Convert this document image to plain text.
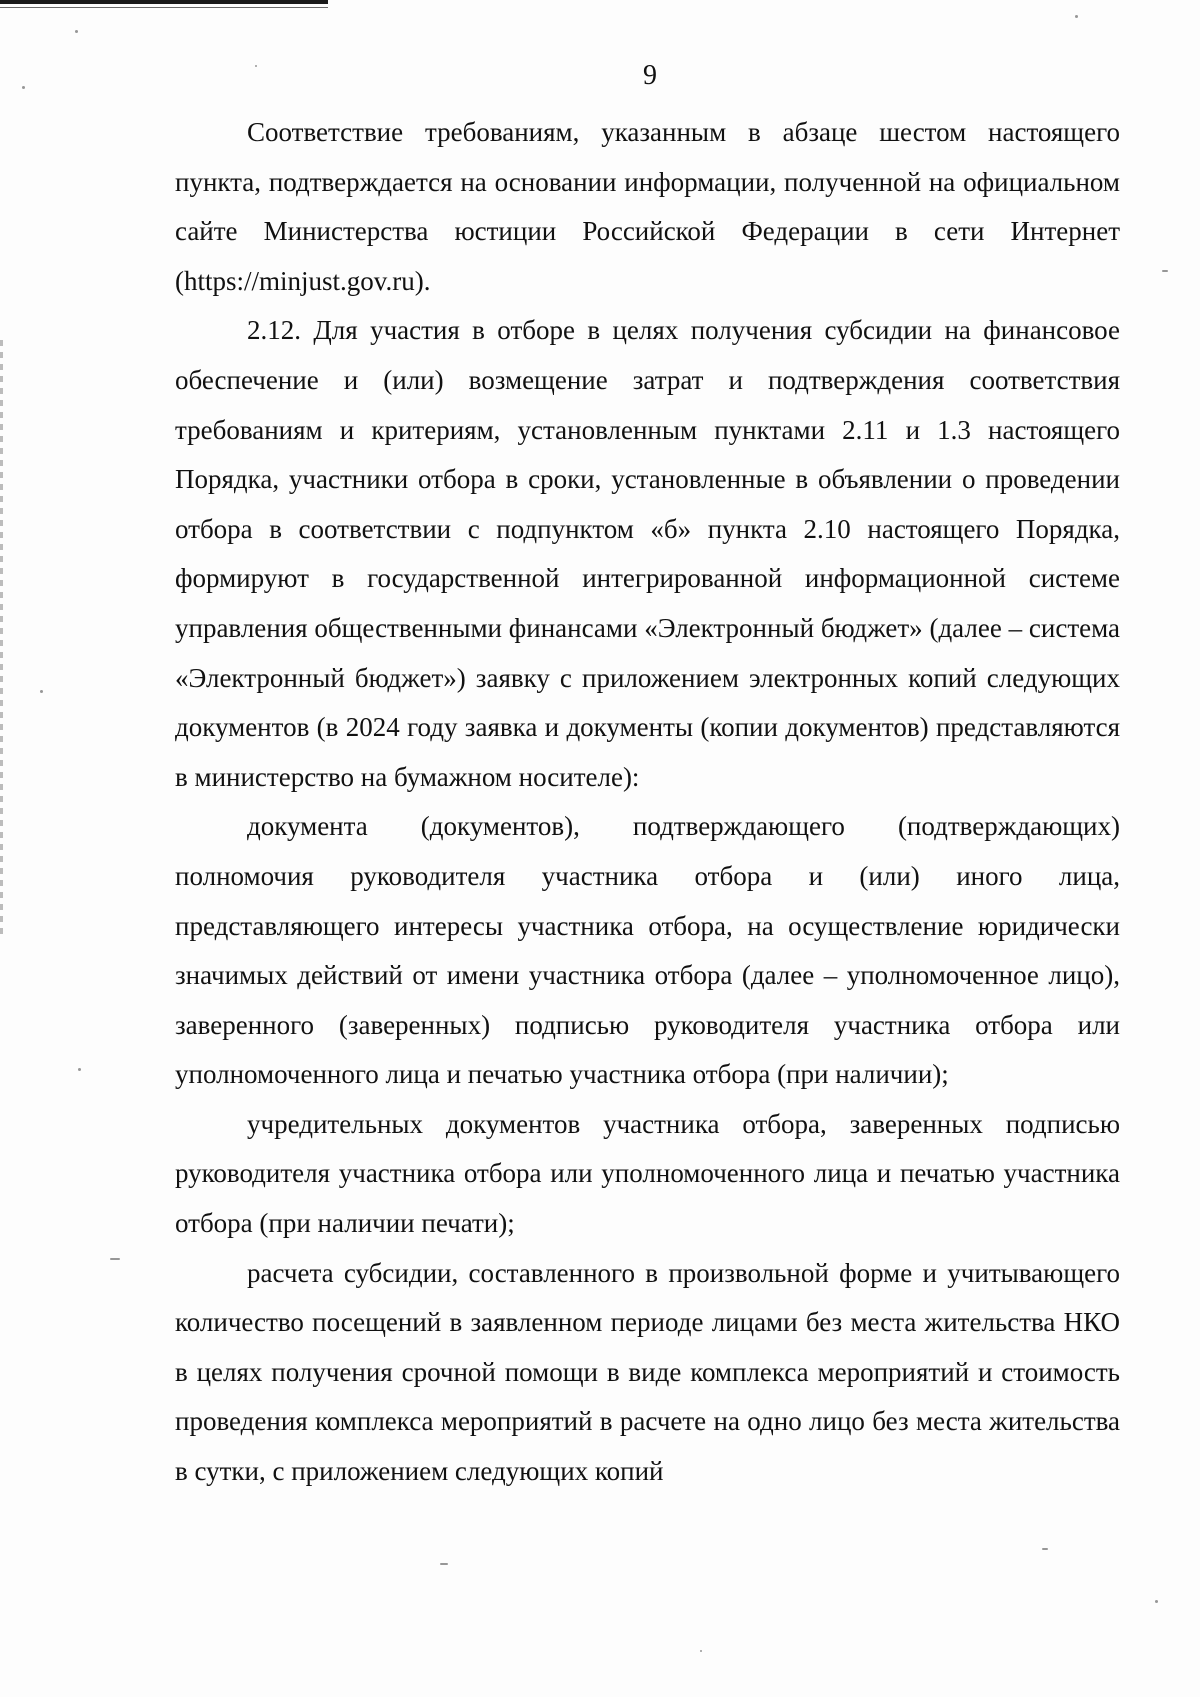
9

Соответствие требованиям, указанным в абзаце шестом настоящего пункта, подтверждается на основании информации, полученной на официальном сайте Министерства юстиции Российской Федерации в сети Интернет (https://minjust.gov.ru).

2.12. Для участия в отборе в целях получения субсидии на финансовое обеспечение и (или) возмещение затрат и подтверждения соответствия требованиям и критериям, установленным пунктами 2.11 и 1.3 настоящего Порядка, участники отбора в сроки, установленные в объявлении о проведении отбора в соответствии с подпунктом «б» пункта 2.10 настоящего Порядка, формируют в государственной интегрированной информационной системе управления общественными финансами «Электронный бюджет» (далее – система «Электронный бюджет») заявку с приложением электронных копий следующих документов (в 2024 году заявка и документы (копии документов) представляются в министерство на бумажном носителе):

документа (документов), подтверждающего (подтверждающих) полномочия руководителя участника отбора и (или) иного лица, представляющего интересы участника отбора, на осуществление юридически значимых действий от имени участника отбора (далее – уполномоченное лицо), заверенного (заверенных) подписью руководителя участника отбора или уполномоченного лица и печатью участника отбора (при наличии);

учредительных документов участника отбора, заверенных подписью руководителя участника отбора или уполномоченного лица и печатью участника отбора (при наличии печати);

расчета субсидии, составленного в произвольной форме и учитывающего количество посещений в заявленном периоде лицами без места жительства НКО в целях получения срочной помощи в виде комплекса мероприятий и стоимость проведения комплекса мероприятий в расчете на одно лицо без места жительства в сутки, с приложением следующих копий
